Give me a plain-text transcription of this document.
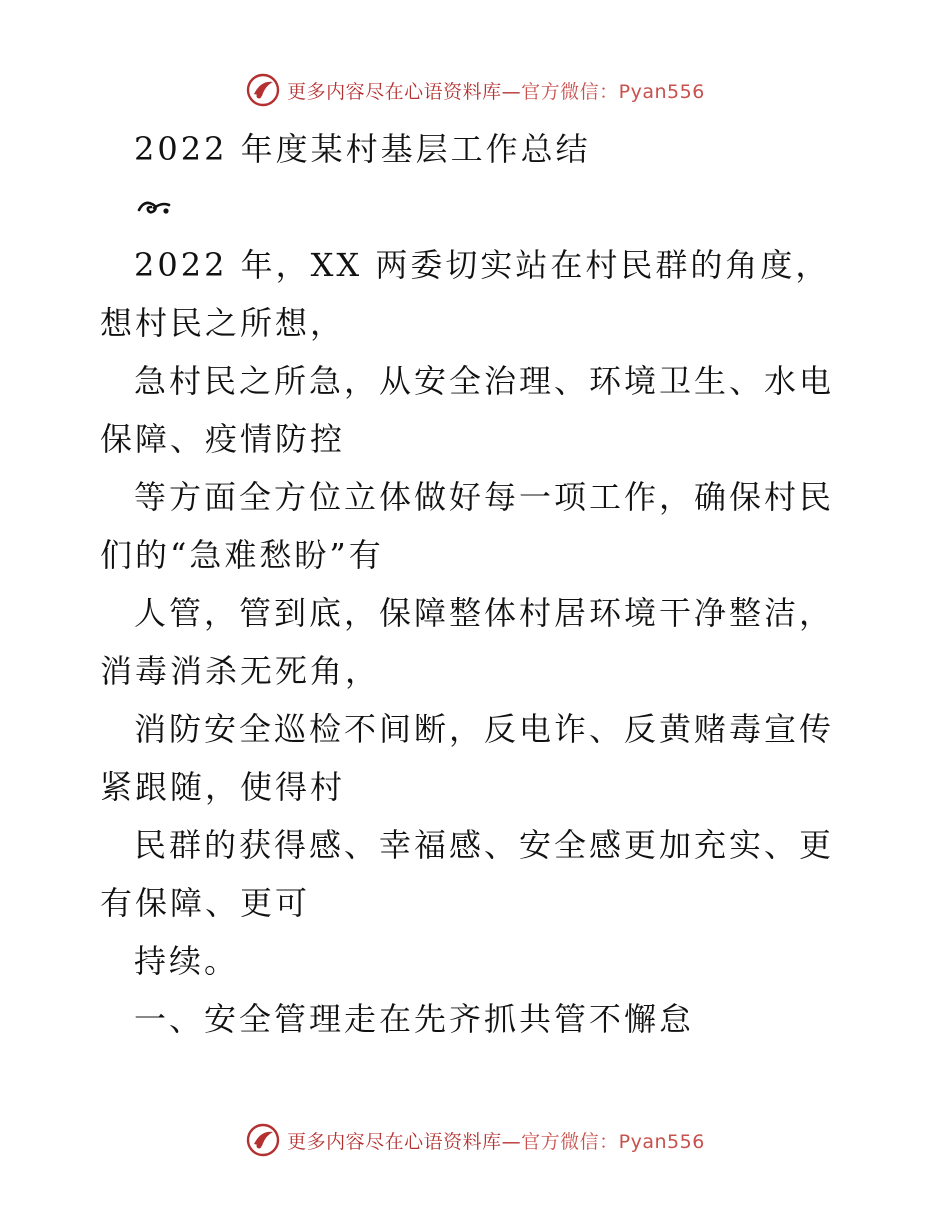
更多内容尽在心语资料库—官方微信：Pyan556

2022 年度某村基层工作总结

2022 年，XX 两委切实站在村民群的角度，想村民之所想，

急村民之所急，从安全治理、环境卫生、水电保障、疫情防控

等方面全方位立体做好每一项工作，确保村民们的“急难愁盼”有

人管，管到底，保障整体村居环境干净整洁，消毒消杀无死角，

消防安全巡检不间断，反电诈、反黄赌毒宣传紧跟随，使得村

民群的获得感、幸福感、安全感更加充实、更有保障、更可

持续。

一、安全管理走在先齐抓共管不懈怠

更多内容尽在心语资料库—官方微信：Pyan556
